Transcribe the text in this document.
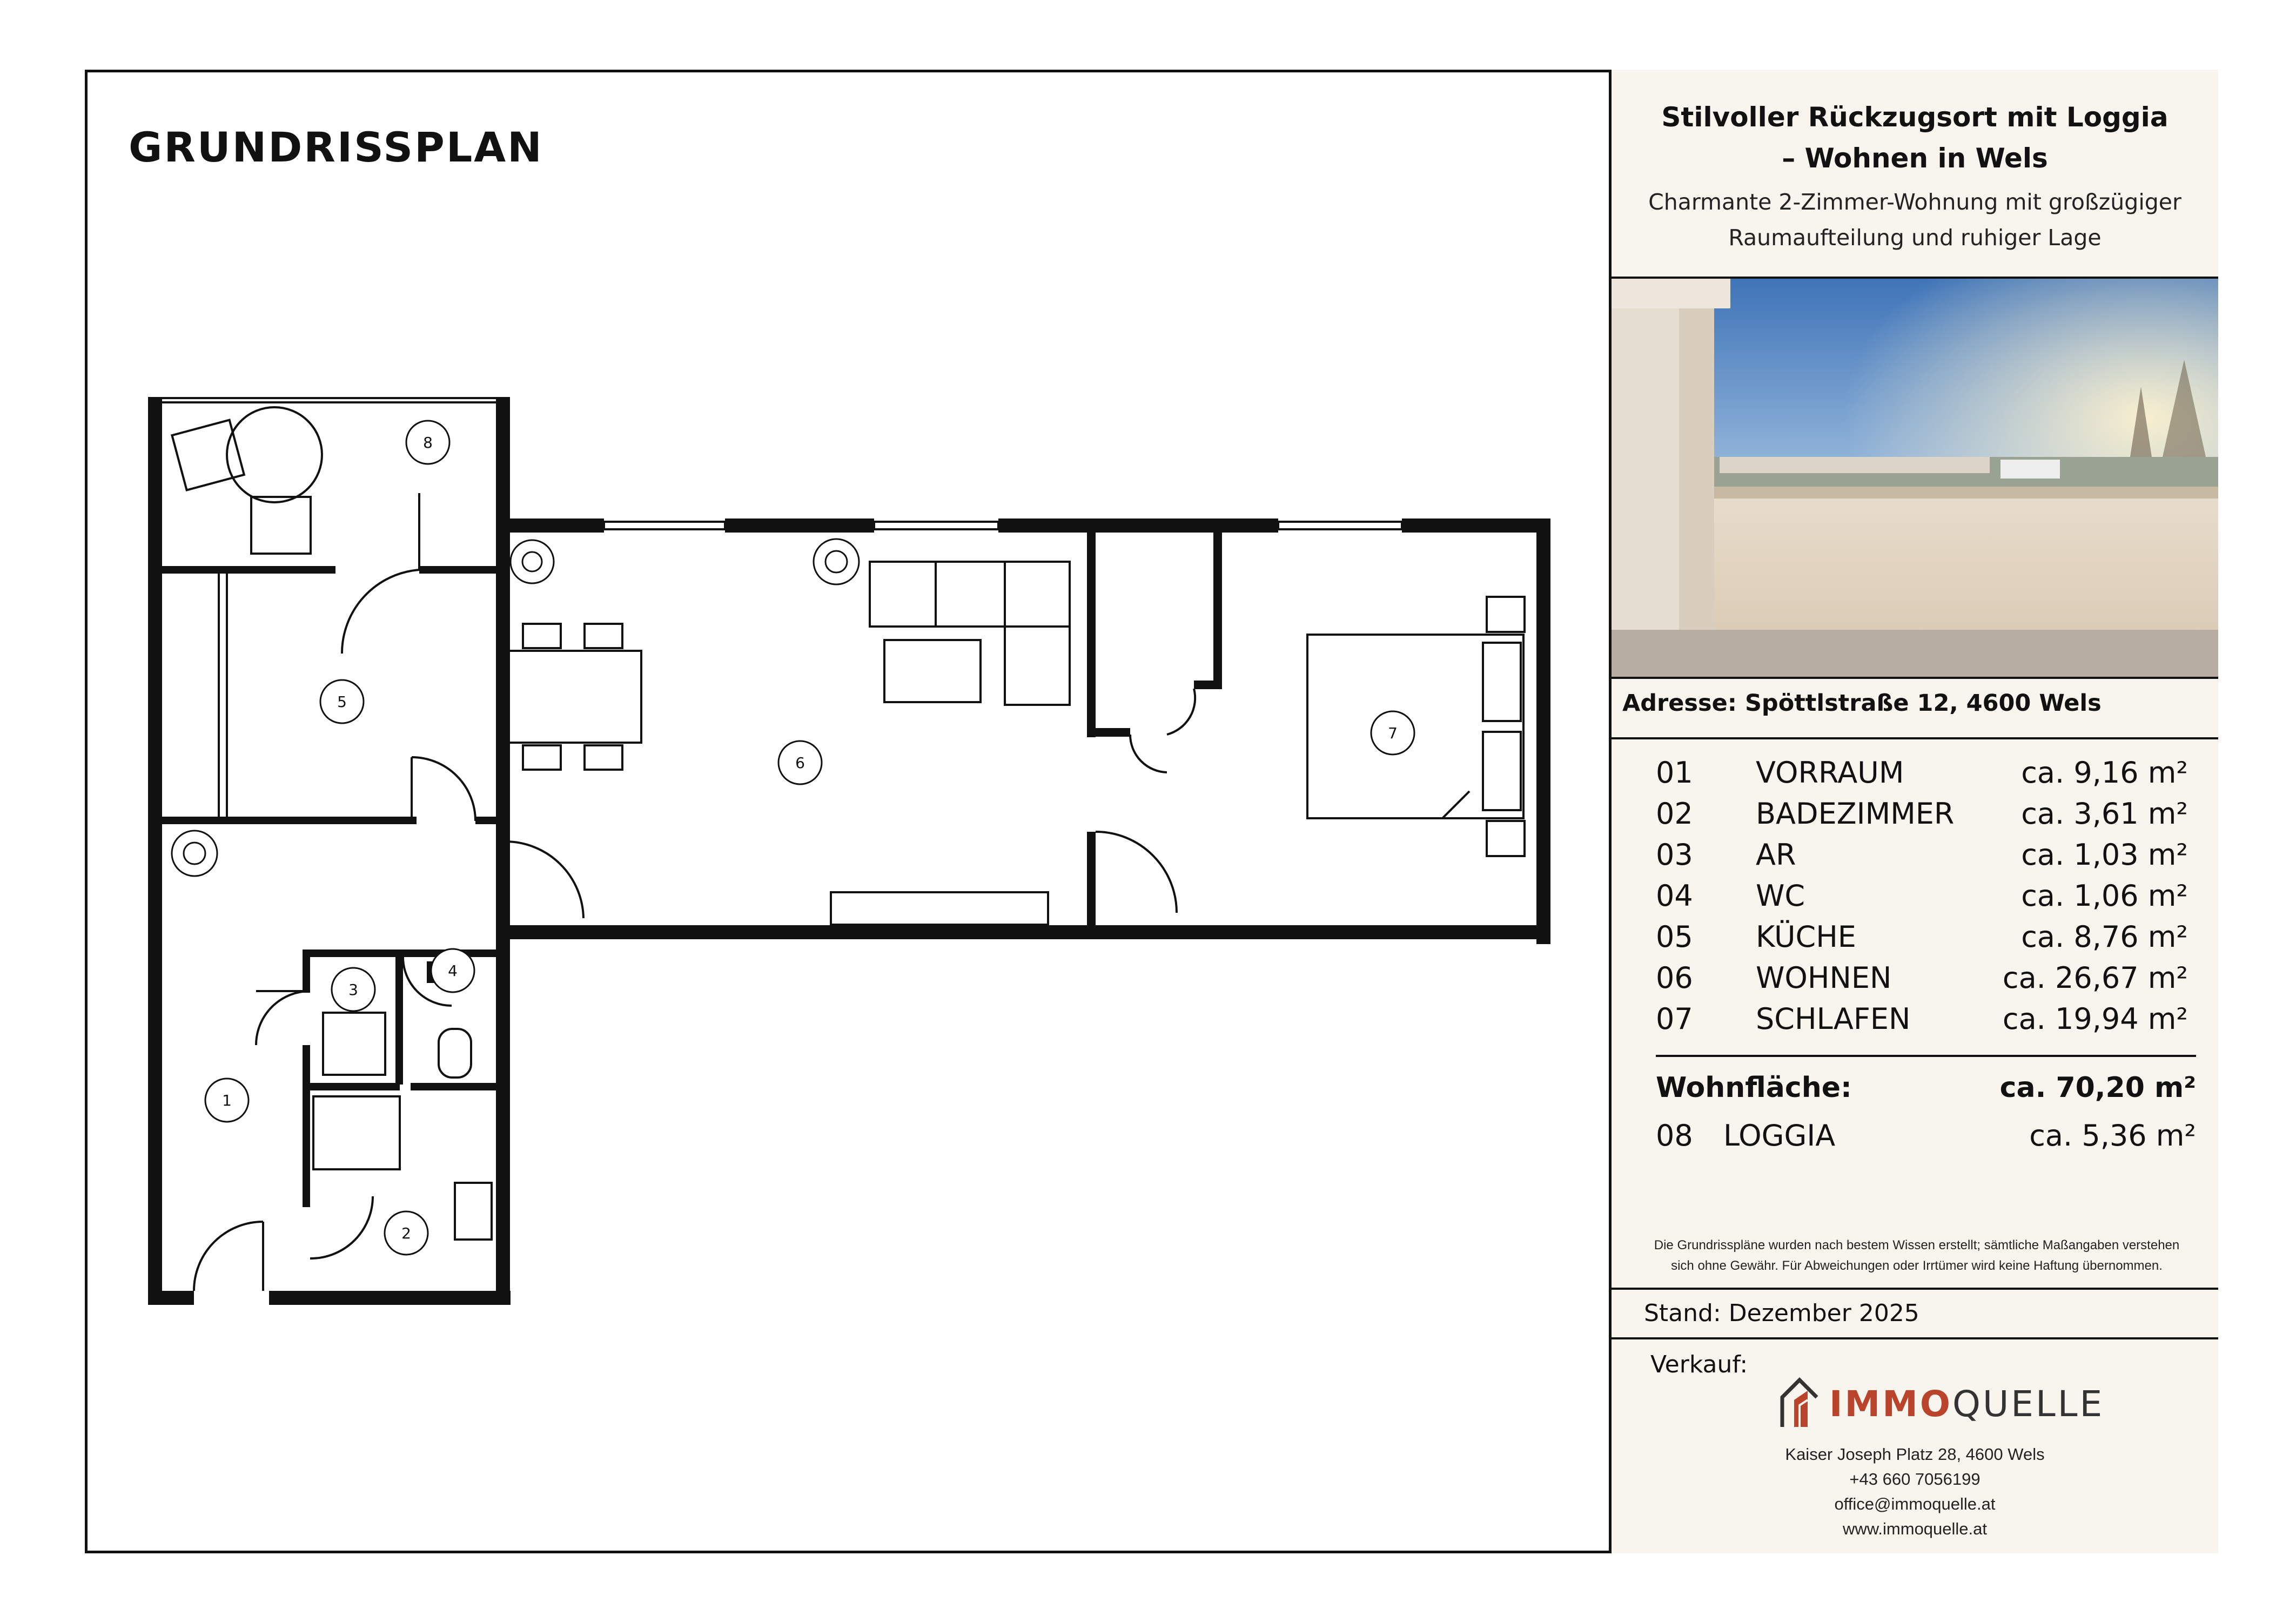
1
2
3
4
5
6
7
8
GRUNDRISSPLAN
Stilvoller Rückzugsort mit Loggia
– Wohnen in Wels
Charmante 2-Zimmer-Wohnung mit großzügiger
Raumaufteilung und ruhiger Lage
Adresse: Spöttlstraße 12, 4600 Wels
01 VORRAUM	ca. 9,16 m²
02 BADEZIMMER ca. 3,61 m²
03 AR	ca. 1,03 m²
04 WC	ca. 1,06 m²
05 KÜCHE	ca. 8,76 m²
06 WOHNEN	ca. 26,67 m²
07 SCHLAFEN	ca. 19,94 m²
Wohnfläche:	ca. 70,20 m²
08 LOGGIA	ca. 5,36 m²
Die Grundrisspläne wurden nach bestem Wissen erstellt; sämtliche Maßangaben verstehen
sich ohne Gewähr. Für Abweichungen oder Irrtümer wird keine Haftung übernommen.
Stand: Dezember 2025
Verkauf:
IMMOQUELLE
Kaiser Joseph Platz 28, 4600 Wels
+43 660 7056199
office@immoquelle.at
www.immoquelle.at
